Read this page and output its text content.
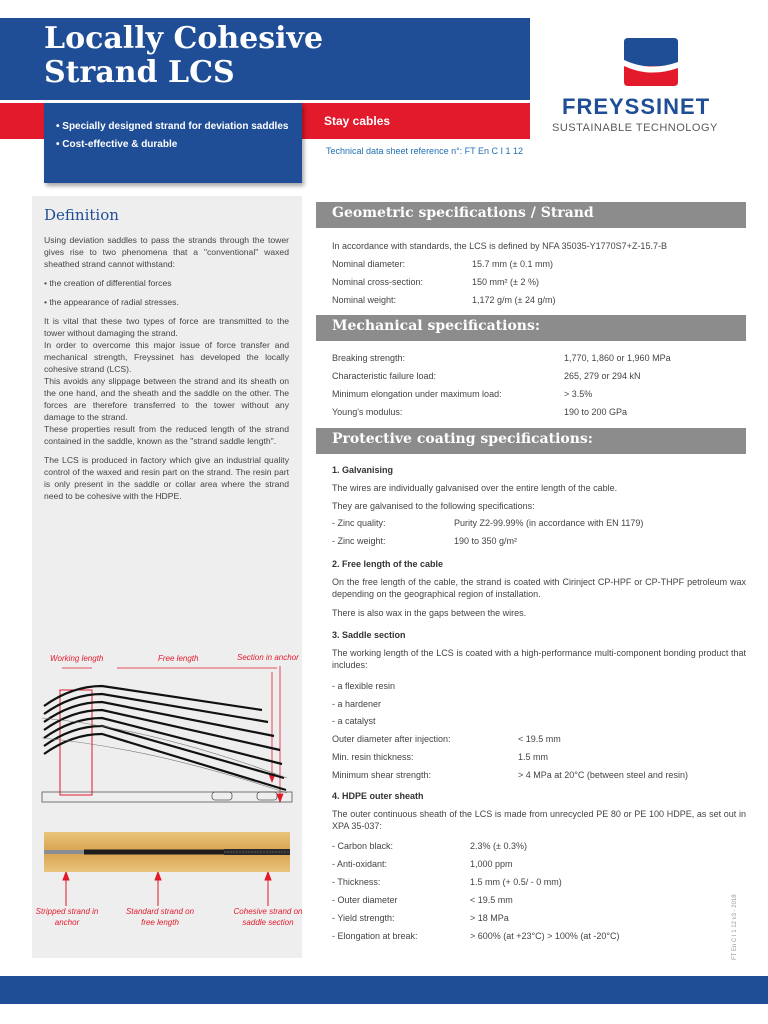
Locally Cohesive
Strand LCS
Stay cables
• Specially designed strand for deviation saddles
• Cost-effective & durable
Technical data sheet reference n°: FT En C I 1 12
FREYSSINET
SUSTAINABLE TECHNOLOGY
Definition

Using deviation saddles to pass the strands through the tower gives rise to two phenomena that a "conventional" waxed sheathed strand cannot withstand:

• the creation of differential forces

• the appearance of radial stresses.

It is vital that these two types of force are transmitted to the tower without damaging the strand.

In order to overcome this major issue of force transfer and mechanical strength, Freyssinet has developed the locally cohesive strand (LCS).

This avoids any slippage between the strand and its sheath on the one hand, and the sheath and the saddle on the other. The forces are therefore transferred to the tower without any damage to the strand.

These properties result from the reduced length of the strand contained in the saddle, known as the "strand saddle length".

The LCS is produced in factory which give an industrial quality control of the waxed and resin part on the strand. The resin part is only present in the saddle or collar area where the strand need to be cohesive with the HDPE.

Working length	Free length	Section in anchor
Stripped strand in anchor
Standard strand on free length
Cohesive strand on saddle section
Geometric specifications / Strand
In accordance with standards, the LCS is defined by NFA 35035-Y1770S7+Z-15.7-B
Nominal diameter:	15.7 mm (± 0.1 mm)
Nominal cross-section:	150 mm² (± 2 %)
Nominal weight:	1,172 g/m (± 24 g/m)
Mechanical specifications:
Breaking strength:	1,770, 1,860 or 1,960 MPa
Characteristic failure load:	265, 279 or 294 kN
Minimum elongation under maximum load:	> 3.5%
Young's modulus:	190 to 200 GPa
Protective coating specifications:
1. Galvanising
The wires are individually galvanised over the entire length of the cable.
They are galvanised to the following specifications:
- Zinc quality:	Purity Z2-99.99% (in accordance with EN 1179)
- Zinc weight:	190 to 350 g/m²
2. Free length of the cable
On the free length of the cable, the strand is coated with Cirinject CP-HPF or CP-THPF petroleum wax depending on the geographical region of installation.
There is also wax in the gaps between the wires.
3. Saddle section
The working length of the LCS is coated with a high-performance multi-component bonding product that includes:
- a flexible resin
- a hardener
- a catalyst
Outer diameter after injection:	< 19.5 mm
Min. resin thickness:	1.5 mm
Minimum shear strength:	> 4 MPa at 20°C (between steel and resin)
4. HDPE outer sheath
The outer continuous sheath of the LCS is made from unrecycled PE 80 or PE 100 HDPE, as set out in XPA 35-037:
- Carbon black:	2.3% (± 0.3%)
- Anti-oxidant:	1,000 ppm
- Thickness:	1.5 mm (+ 0.5/ - 0 mm)
- Outer diameter	< 19.5 mm
- Yield strength:	> 18 MPa
- Elongation at break:	> 600% (at +23°C) > 100% (at -20°C)	FT En C I 1 12 v3 - 2018
